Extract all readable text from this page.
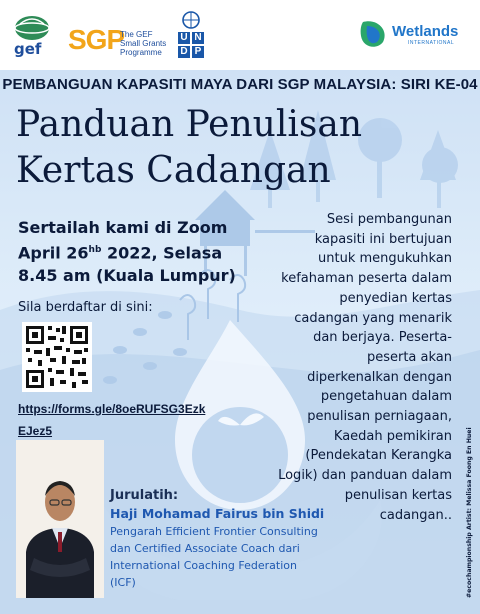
gef SGP
The GEF
Small Grants
Programme
U N
D P
Wetlands
INTERNATIONAL
PEMBANGUAN KAPASITI MAYA DARI SGP MALAYSIA: SIRI KE-04
Panduan Penulisan
Kertas Cadangan
Sertailah kami di Zoom
April $26^{hb}$ 2022, Selasa
8.45 am (Kuala Lumpur)
Sesi pembangunan
kapasiti ini bertujuan
untuk mengukuhkan
kefahaman peserta dalam
penyedian kertas
cadangan yang menarik
dan berjaya. Peserta-
peserta akan
diperkenalkan dengan
pengetahuan dalam
penulisan perniagaan,
Kaedah pemikiran
(Pendekatan Kerangka
Logik) dan panduan dalam
penulisan kertas
cadangan..
Sila berdaftar di sini:
https://forms.gle/8oeRUFSG3Ezk
EJez5
Jurulatih:
Haji Mohamad Fairus bin Shidi
Pengarah Efficient Frontier Consulting
dan Certified Associate Coach dari
International Coaching Federation
(ICF)	#ecochampionship Artist: Melissa Foong En Huei
